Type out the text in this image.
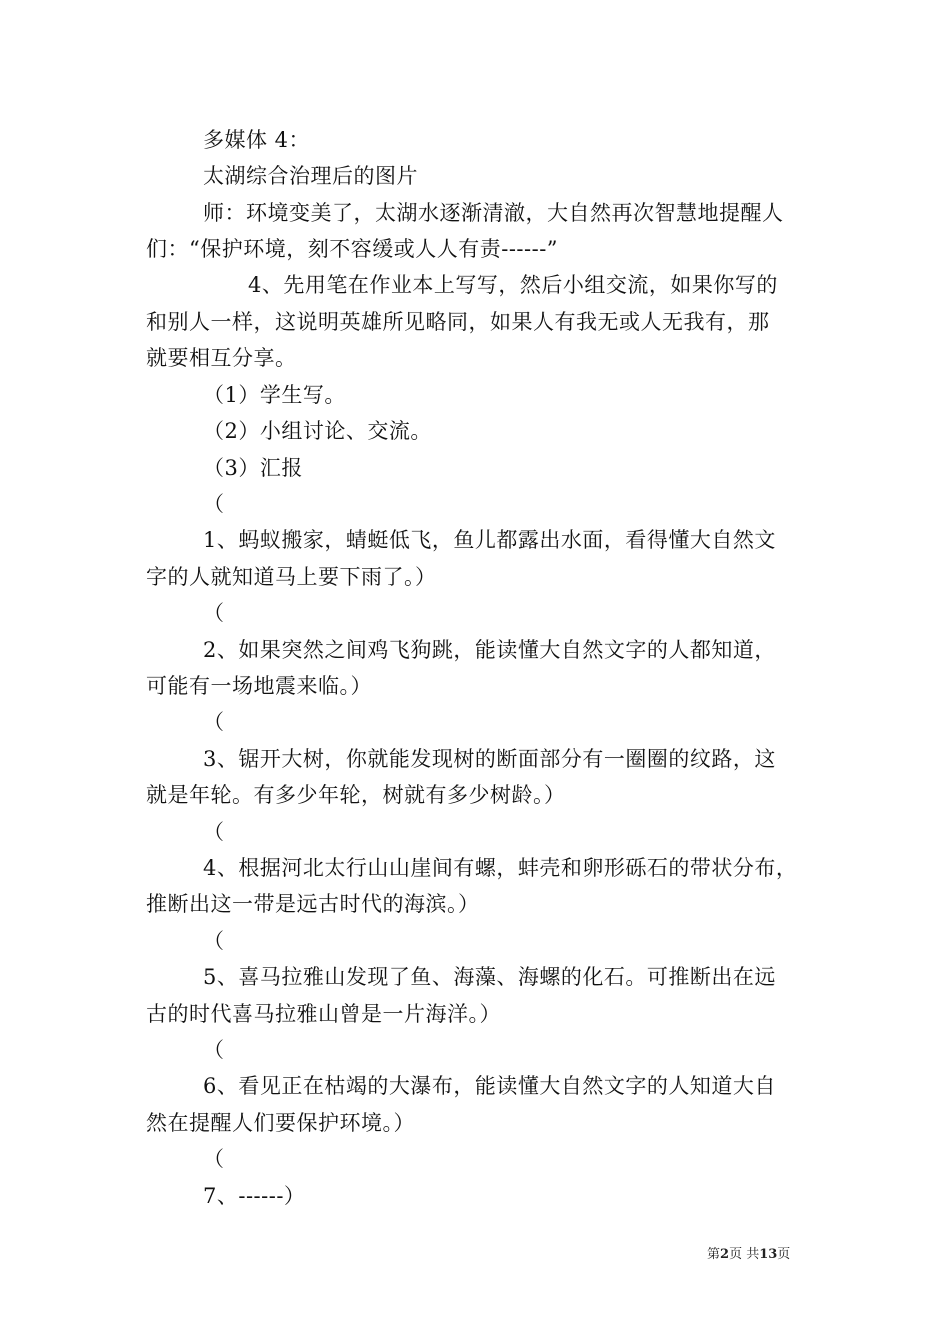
多媒体 4：
太湖综合治理后的图片
师：环境变美了，太湖水逐渐清澈，大自然再次智慧地提醒人
们：“保护环境，刻不容缓或人人有责------”
4、先用笔在作业本上写写，然后小组交流，如果你写的
和别人一样，这说明英雄所见略同，如果人有我无或人无我有，那
就要相互分享。
（1）学生写。
（2）小组讨论、交流。
（3）汇报
（
1、蚂蚁搬家，蜻蜓低飞，鱼儿都露出水面，看得懂大自然文
字的人就知道马上要下雨了。）
（
2、如果突然之间鸡飞狗跳，能读懂大自然文字的人都知道，
可能有一场地震来临。）
（
3、锯开大树，你就能发现树的断面部分有一圈圈的纹路，这
就是年轮。有多少年轮，树就有多少树龄。）
（
4、根据河北太行山山崖间有螺，蚌壳和卵形砾石的带状分布，
推断出这一带是远古时代的海滨。）
（
5、喜马拉雅山发现了鱼、海藻、海螺的化石。可推断出在远
古的时代喜马拉雅山曾是一片海洋。）
（
6、看见正在枯竭的大瀑布，能读懂大自然文字的人知道大自
然在提醒人们要保护环境。）
（
7、------）
第2页 共13页
